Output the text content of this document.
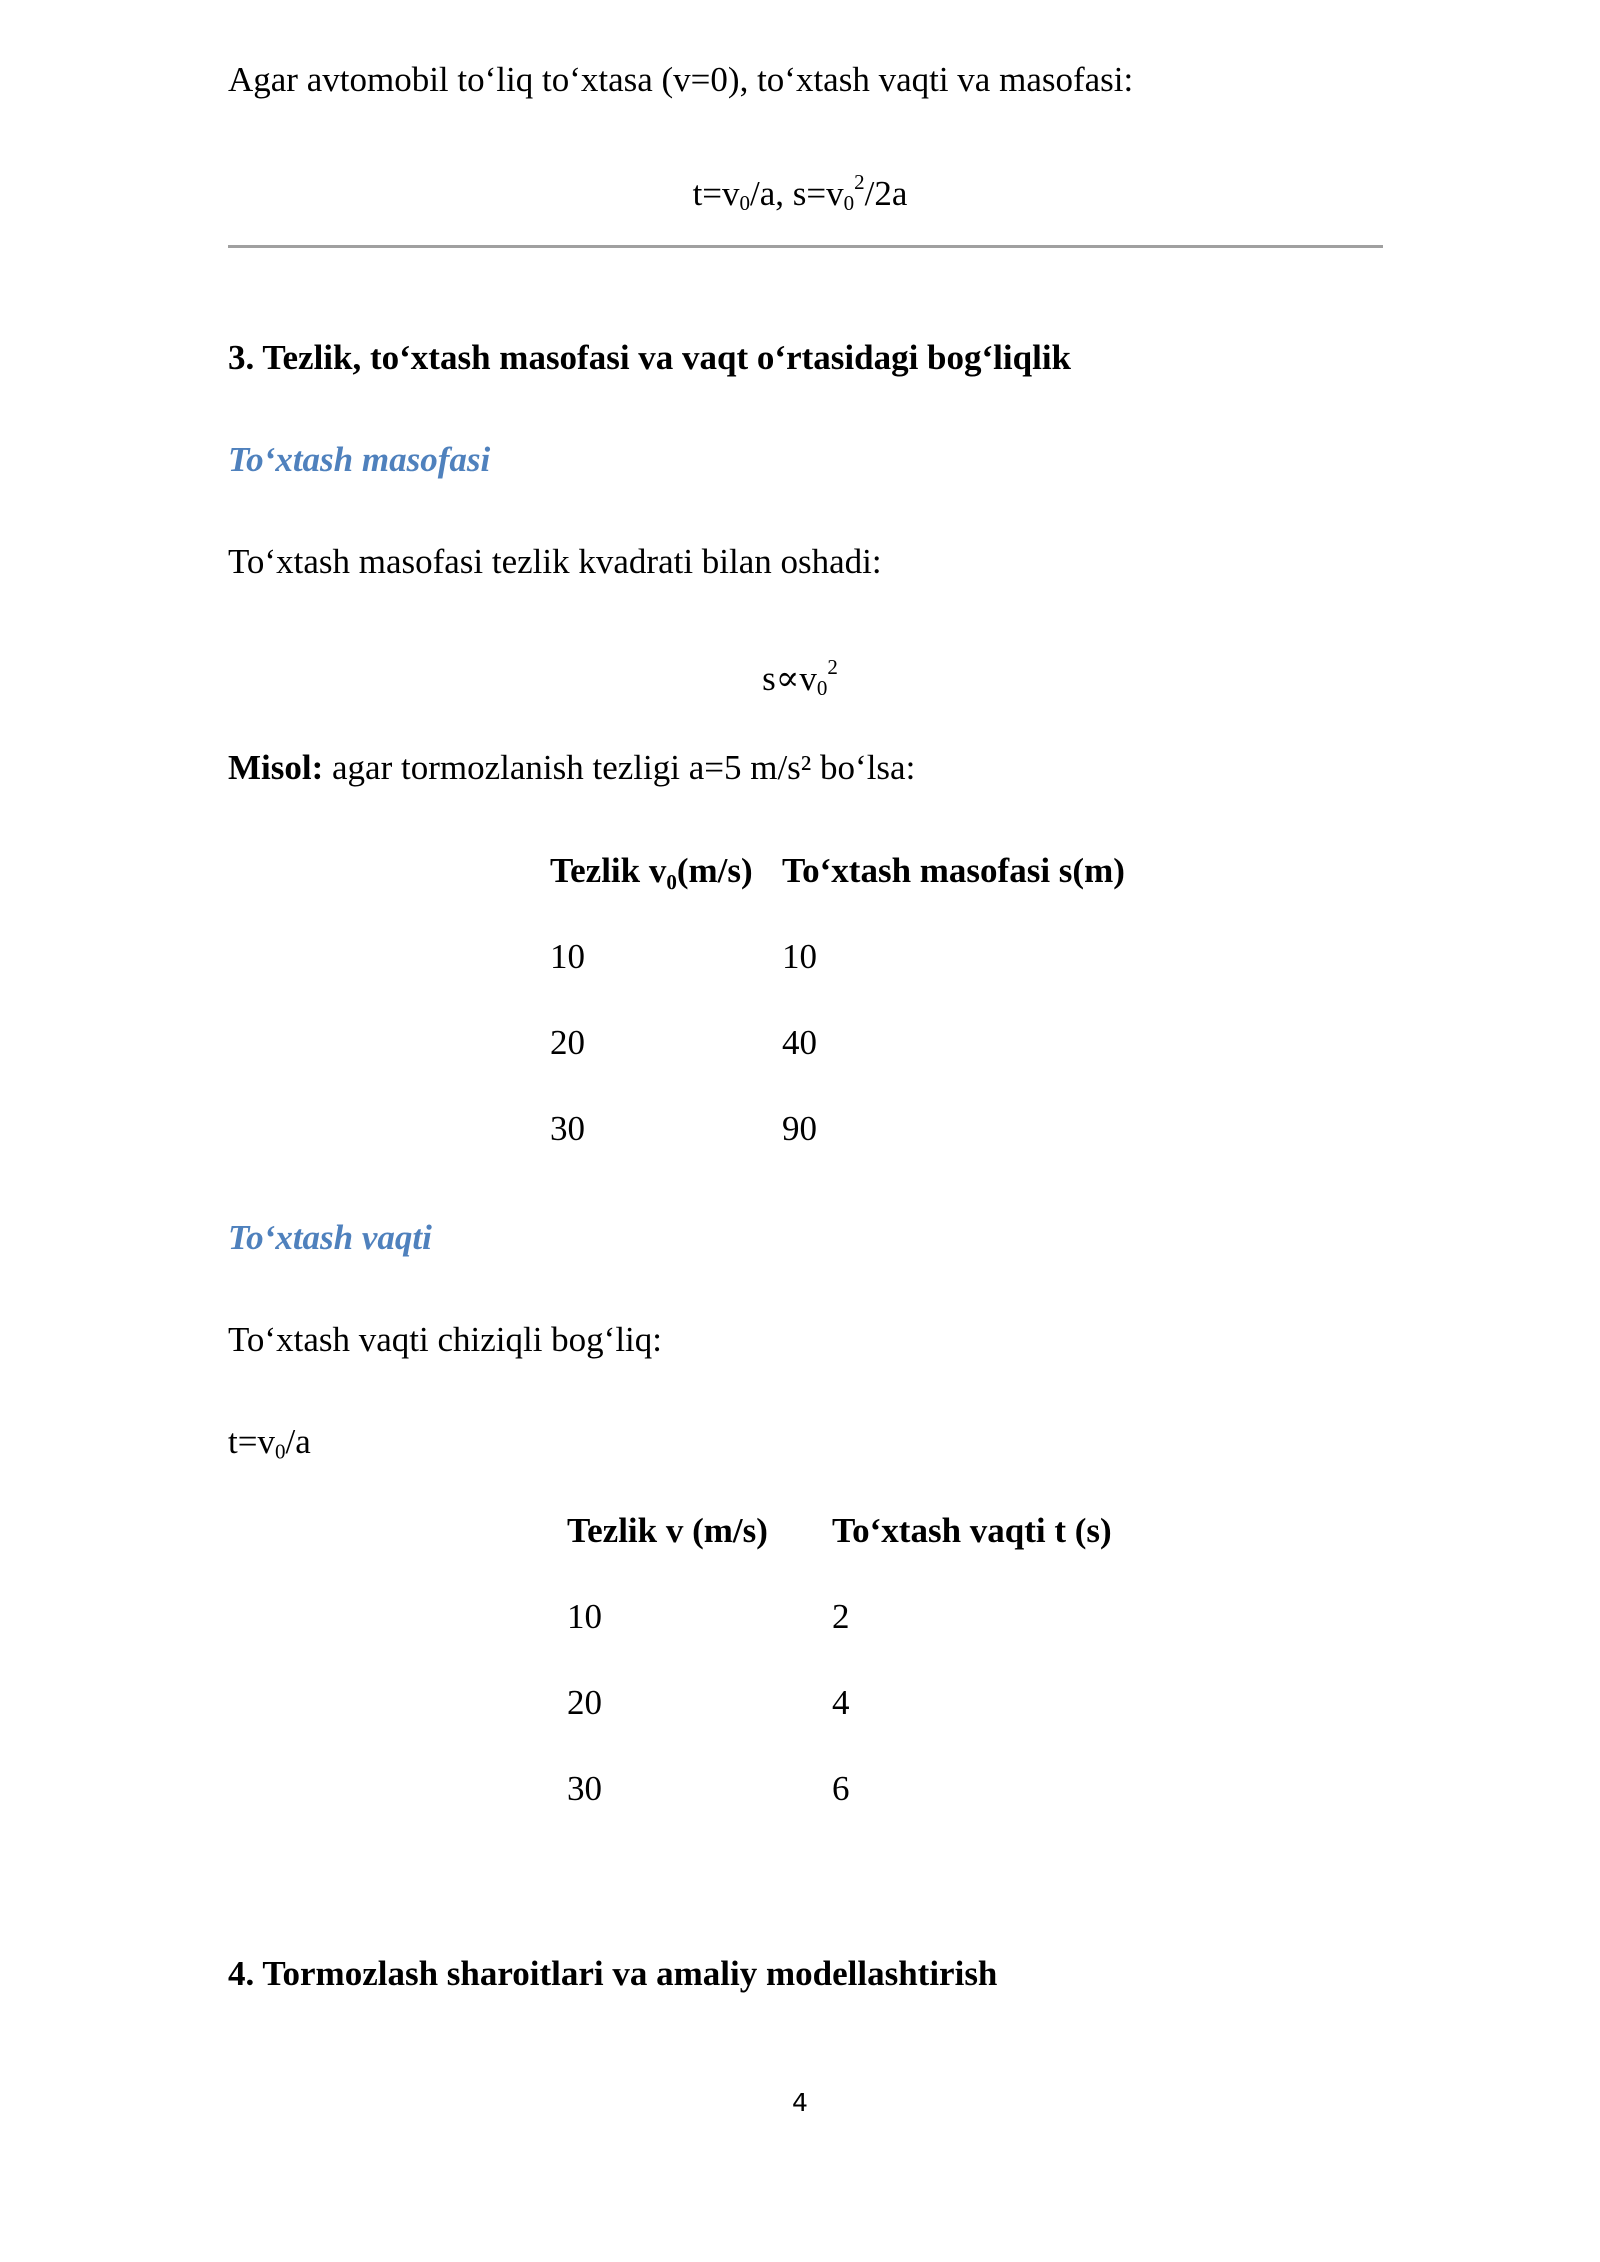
Agar avtomobil to‘liq to‘xtasa (v=0), to‘xtash vaqti va masofasi:
$t=v_0/a$, $s=v_0^2/2a$
3. Tezlik, to‘xtash masofasi va vaqt o‘rtasidagi bog‘liqlik
To‘xtash masofasi
To‘xtash masofasi tezlik kvadrati bilan oshadi:
$s\propto v_0^2$
Misol: agar tormozlanish tezligi a=5 m/s² bo‘lsa:
Tezlik v₀(m/s)	To‘xtash masofasi s(m)
10	10
20	40
30	90
To‘xtash vaqti
To‘xtash vaqti chiziqli bog‘liq:
$t=v_0/a$
Tezlik v (m/s)	To‘xtash vaqti t (s)
10	2
20	4
30	6
4. Tormozlash sharoitlari va amaliy modellashtirish
4
